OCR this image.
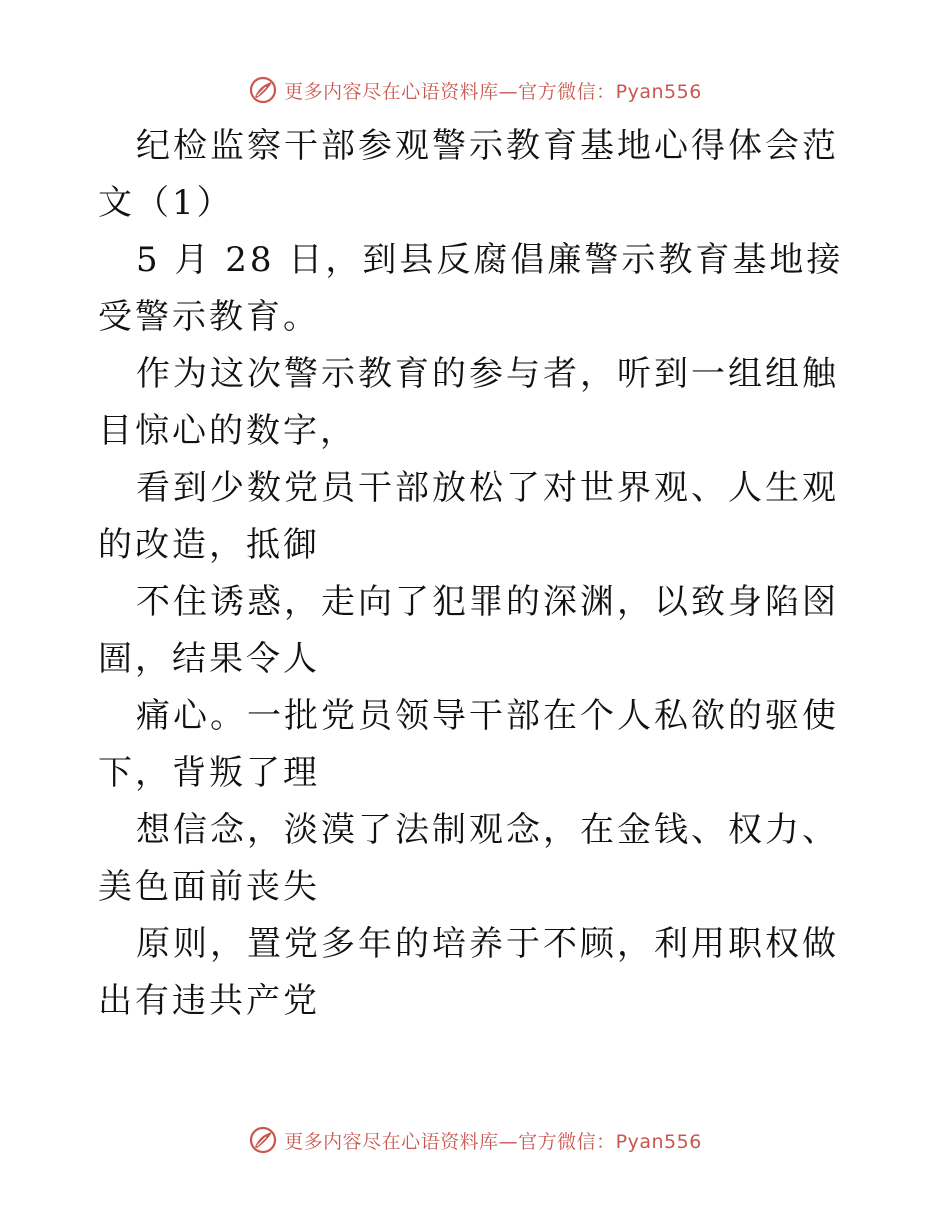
更多内容尽在心语资料库—官方微信：Pyan556

纪检监察干部参观警示教育基地心得体会范文（1）

5 月 28 日，到县反腐倡廉警示教育基地接受警示教育。

作为这次警示教育的参与者，听到一组组触目惊心的数字，

看到少数党员干部放松了对世界观、人生观的改造，抵御

不住诱惑，走向了犯罪的深渊，以致身陷囹圄，结果令人

痛心。一批党员领导干部在个人私欲的驱使下，背叛了理

想信念，淡漠了法制观念，在金钱、权力、美色面前丧失

原则，置党多年的培养于不顾，利用职权做出有违共产党

更多内容尽在心语资料库—官方微信：Pyan556
